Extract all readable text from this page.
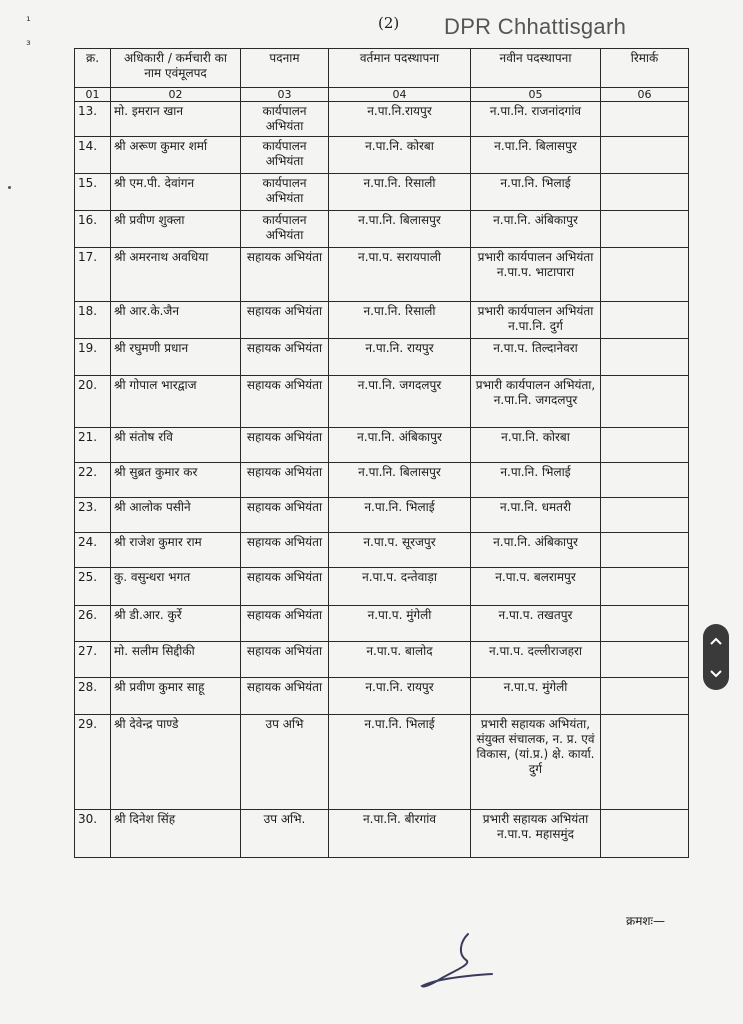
(2) DPR Chhattisgarh
¹
³
क्र.	अधिकारी / कर्मचारी का नाम एवंमूलपद	पदनाम	वर्तमान पदस्थापना	नवीन पदस्थापना	रिमार्क
01	02	03	04	05	06
13.	मो. इमरान खान	कार्यपालन अभियंता	न.पा.नि.रायपुर	न.पा.नि. राजनांदगांव	
14.	श्री अरूण कुमार शर्मा	कार्यपालन अभियंता	न.पा.नि. कोरबा	न.पा.नि. बिलासपुर	
15.	श्री एम.पी. देवांगन	कार्यपालन अभियंता	न.पा.नि. रिसाली	न.पा.नि. भिलाई	
16.	श्री प्रवीण शुक्ला	कार्यपालन अभियंता	न.पा.नि. बिलासपुर	न.पा.नि. अंबिकापुर	
17.	श्री अमरनाथ अवधिया	सहायक अभियंता	न.पा.प. सरायपाली	प्रभारी कार्यपालन अभियंता न.पा.प. भाटापारा	
18.	श्री आर.के.जैन	सहायक अभियंता	न.पा.नि. रिसाली	प्रभारी कार्यपालन अभियंता न.पा.नि. दुर्ग	
19.	श्री रघुमणी प्रधान	सहायक अभियंता	न.पा.नि. रायपुर	न.पा.प. तिल्दानेवरा	
20.	श्री गोपाल भारद्वाज	सहायक अभियंता	न.पा.नि. जगदलपुर	प्रभारी कार्यपालन अभियंता, न.पा.नि. जगदलपुर	
21.	श्री संतोष रवि	सहायक अभियंता	न.पा.नि. अंबिकापुर	न.पा.नि. कोरबा	
22.	श्री सुब्रत कुमार कर	सहायक अभियंता	न.पा.नि. बिलासपुर	न.पा.नि. भिलाई	
23.	श्री आलोक पसीने	सहायक अभियंता	न.पा.नि. भिलाई	न.पा.नि. धमतरी	
24.	श्री राजेश कुमार राम	सहायक अभियंता	न.पा.प. सूरजपुर	न.पा.नि. अंबिकापुर	
25.	कु. वसुन्धरा भगत	सहायक अभियंता	न.पा.प. दन्तेवाड़ा	न.पा.प. बलरामपुर	
26.	श्री डी.आर. कुर्रे	सहायक अभियंता	न.पा.प. मुंगेली	न.पा.प. तखतपुर	
27.	मो. सलीम सिद्दीकी	सहायक अभियंता	न.पा.प. बालोद	न.पा.प. दल्लीराजहरा	
28.	श्री प्रवीण कुमार साहू	सहायक अभियंता	न.पा.नि. रायपुर	न.पा.प. मुंगेली	
29.	श्री देवेन्द्र पाण्डे	उप अभि	न.पा.नि. भिलाई	प्रभारी सहायक अभियंता, संयुक्त संचालक, न. प्र. एवं विकास, (यां.प्र.) क्षे. कार्या. दुर्ग	
30.	श्री दिनेश सिंह	उप अभि.	न.पा.नि. बीरगांव	प्रभारी सहायक अभियंता न.पा.प. महासमुंद	
क्रमशः—
